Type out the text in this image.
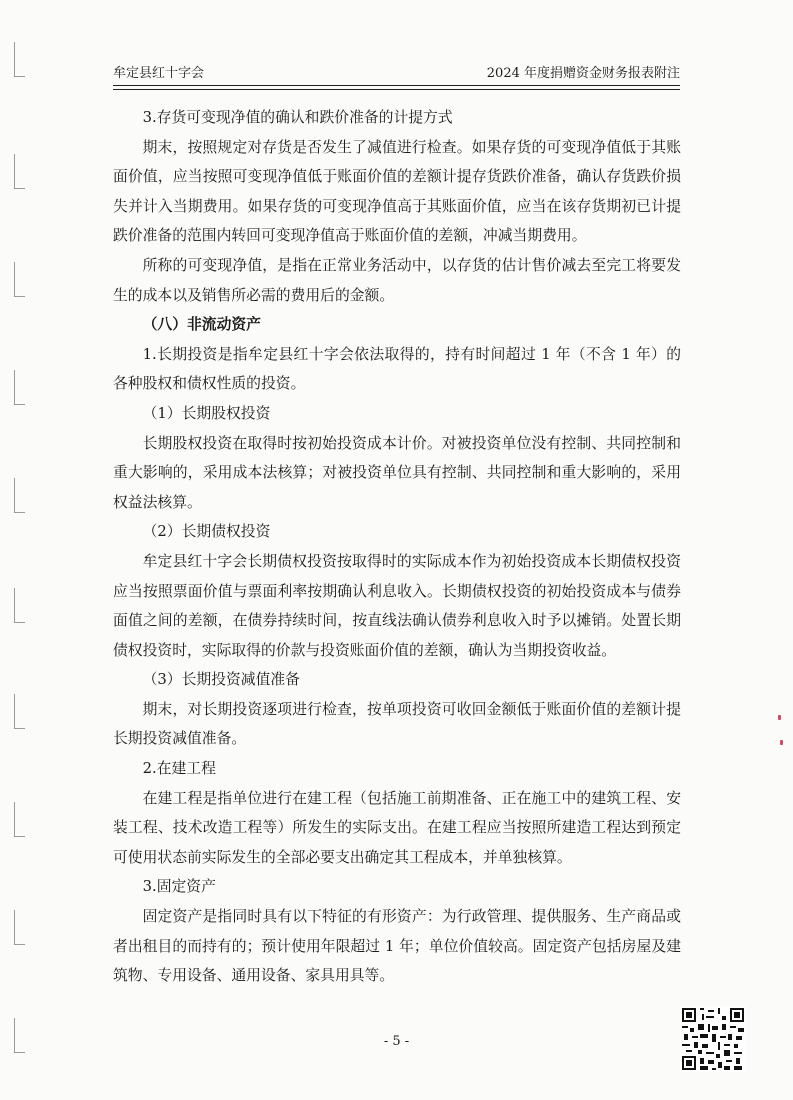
牟定县红十字会	2024 年度捐赠资金财务报表附注

3.存货可变现净值的确认和跌价准备的计提方式

期末，按照规定对存货是否发生了减值进行检查。如果存货的可变现净值低于其账面价值，应当按照可变现净值低于账面价值的差额计提存货跌价准备，确认存货跌价损失并计入当期费用。如果存货的可变现净值高于其账面价值，应当在该存货期初已计提跌价准备的范围内转回可变现净值高于账面价值的差额，冲减当期费用。

所称的可变现净值，是指在正常业务活动中，以存货的估计售价减去至完工将要发生的成本以及销售所必需的费用后的金额。

（八）非流动资产

1.长期投资是指牟定县红十字会依法取得的，持有时间超过 1 年（不含 1 年）的各种股权和债权性质的投资。

（1）长期股权投资

长期股权投资在取得时按初始投资成本计价。对被投资单位没有控制、共同控制和重大影响的，采用成本法核算；对被投资单位具有控制、共同控制和重大影响的，采用权益法核算。

（2）长期债权投资

牟定县红十字会长期债权投资按取得时的实际成本作为初始投资成本长期债权投资应当按照票面价值与票面利率按期确认利息收入。长期债权投资的初始投资成本与债券面值之间的差额，在债券持续时间，按直线法确认债券利息收入时予以摊销。处置长期债权投资时，实际取得的价款与投资账面价值的差额，确认为当期投资收益。

（3）长期投资减值准备

期末，对长期投资逐项进行检查，按单项投资可收回金额低于账面价值的差额计提长期投资减值准备。

2.在建工程

在建工程是指单位进行在建工程（包括施工前期准备、正在施工中的建筑工程、安装工程、技术改造工程等）所发生的实际支出。在建工程应当按照所建造工程达到预定可使用状态前实际发生的全部必要支出确定其工程成本，并单独核算。

3.固定资产

固定资产是指同时具有以下特征的有形资产：为行政管理、提供服务、生产商品或者出租目的而持有的；预计使用年限超过 1 年；单位价值较高。固定资产包括房屋及建筑物、专用设备、通用设备、家具用具等。

- 5 -
